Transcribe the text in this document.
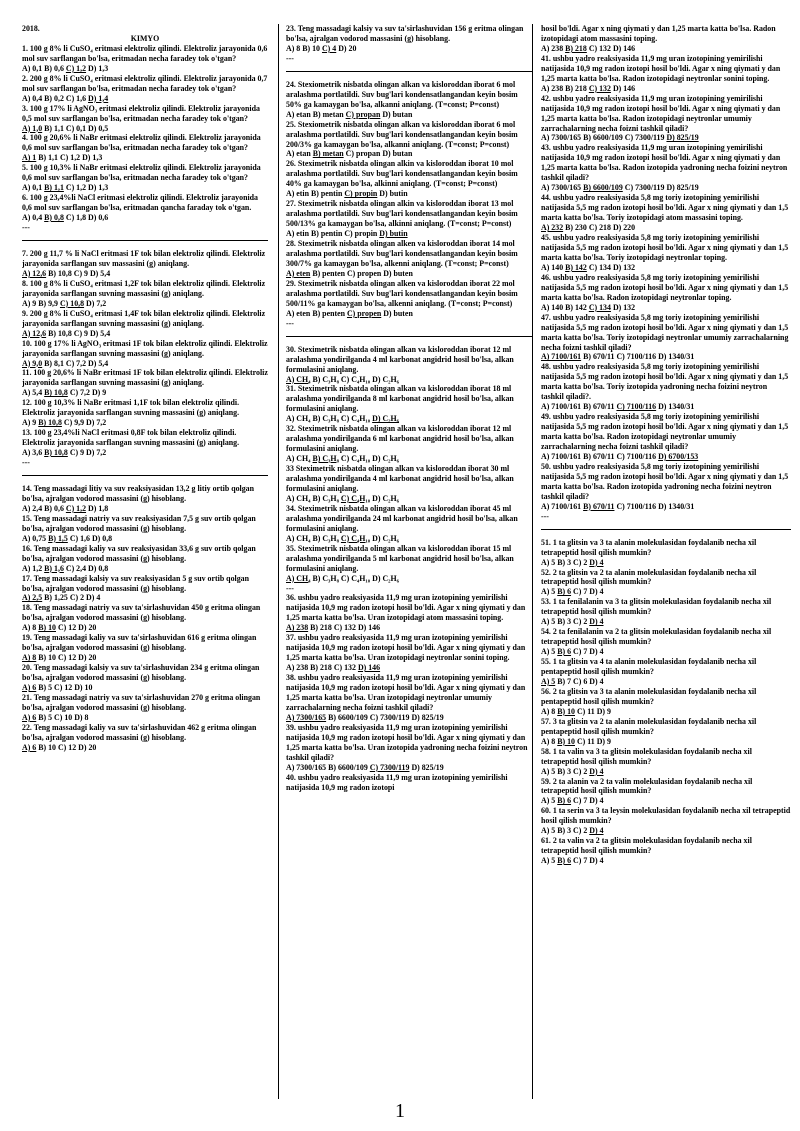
2018.
KIMYO
1. 100 g 8% li CuSO₄ eritmasi elektroliz qilindi. Elektroliz jarayonida 0,6 mol suv sarflangan bo'lsa, eritmadan necha faradey tok o'tgan?
A) 0,1 B) 0,6 C) 1,2 D) 1,3
2. 200 g 8% li CuSO₄ eritmasi elektroliz qilindi. Elektroliz jarayonida 0,7 mol suv sarflangan bo'lsa, eritmadan necha faradey tok o'tgan?
A) 0,4 B) 0,2 C) 1,6 D) 1,4
3. 100 g 17% li AgNO₃ eritmasi elektroliz qilindi. Elektroliz jarayonida 0,5 mol suv sarflangan bo'lsa, eritmadan necha faradey tok o'tgan?
A) 1,0 B) 1,1 C) 0,1 D) 0,5
4. 100 g 20,6% li NaBr eritmasi elektroliz qilindi. Elektroliz jarayonida 0,6 mol suv sarflangan bo'lsa, eritmadan necha faradey tok o'tgan?
A) 1 B) 1,1 C) 1,2 D) 1,3
5. 100 g 10,3% li NaBr eritmasi elektroliz qilindi. Elektroliz jarayonida 0,6 mol suv sarflangan bo'lsa, eritmadan necha faradey tok o'tgan?
A) 0,1 B) 1,1 C) 1,2 D) 1,3
6. 100 g 23,4%li NaCl eritmasi elektroliz qilindi. Elektroliz jarayonida 0,6 mol suv sarflangan bo'lsa, eritmadan qancha faraday tok o'tgan.
A) 0,4 B) 0,8 C) 1,8 D) 0,6
---
7. 200 g 11,7 % li NaCl eritmasi 1F tok bilan elektroliz qilindi. Elektroliz jarayonida sarflangan suv massasini (g) aniqlang.
A) 12,6 B) 10,8 C) 9 D) 5,4
8. 100 g 8% li CuSO₄ eritmasi 1,2F tok bilan elektroliz qilindi. Elektroliz jarayonida sarflangan suvning massasini (g) aniqlang.
A) 9 B) 9,9 C) 10,8 D) 7,2
9. 200 g 8% li CuSO₄ eritmasi 1,4F tok bilan elektroliz qilindi. Elektroliz jarayonida sarflangan suvning massasini (g) aniqlang.
A) 12,6 B) 10,8 C) 9 D) 5,4
10. 100 g 17% li AgNO₃ eritmasi 1F tok bilan elektroliz qilindi. Elektroliz jarayonida sarflangan suvning massasini (g) aniqlang.
A) 9,0 B) 8,1 C) 7,2 D) 5,4
11. 100 g 20,6% li NaBr eritmasi 1F tok bilan elektroliz qilindi. Elektroliz jarayonida sarflangan suvning massasini (g) aniqlang.
A) 5,4 B) 10,8 C) 7,2 D) 9
12. 100 g 10,3% li NaBr eritmasi 1,1F tok bilan elektroliz qilindi. Elektroliz jarayonida sarflangan suvning massasini (g) aniqlang.
A) 9 B) 10,8 C) 9,9 D) 7,2
13. 100 g 23,4%li NaCl eritmasi 0,8F tok bilan elektroliz qilindi. Elektroliz jarayonida sarflangan suvning massasini (g) aniqlang.
A) 3,6 B) 10,8 C) 9 D) 7,2
---
14. Teng massadagi litiy va suv reaksiyasidan 13,2 g litiy ortib qolgan bo'lsa, ajralgan vodorod massasini (g) hisoblang.
A) 2,4 B) 0,6 C) 1,2 D) 1,8
15. Teng massadagi natriy va suv reaksiyasidan 7,5 g suv ortib qolgan bo'lsa, ajralgan vodorod massasini (g) hisoblang.
A) 0,75 B) 1,5 C) 1,6 D) 0,8
16. Teng massadagi kaliy va suv reaksiyasidan 33,6 g suv ortib qolgan bo'lsa, ajralgan vodorod massasini (g) hisoblang.
A) 1,2 B) 1,6 C) 2,4 D) 0,8
17. Teng massadagi kalsiy va suv reaksiyasidan 5 g suv ortib qolgan bo'lsa, ajralgan vodorod massasini (g) hisoblang.
A) 2,5 B) 1,25 C) 2 D) 4
18. Teng massadagi natriy va suv ta'sirlashuvidan 450 g eritma olingan bo'lsa, ajralgan vodorod massasini (g) hisoblang.
A) 8 B) 10 C) 12 D) 20
19. Teng massadagi kaliy va suv ta'sirlashuvidan 616 g eritma olingan bo'lsa, ajralgan vodorod massasini (g) hisoblang.
A) 8 B) 10 C) 12 D) 20
20. Teng massadagi kalsiy va suv ta'sirlashuvidan 234 g eritma olingan bo'lsa, ajralgan vodorod massasini (g) hisoblang.
A) 6 B) 5 C) 12 D) 10
21. Teng massadagi natriy va suv ta'sirlashuvidan 270 g eritma olingan bo'lsa, ajralgan vodorod massasini (g) hisoblang.
A) 6 B) 5 C) 10 D) 8
22. Teng massadagi kaliy va suv ta'sirlashuvidan 462 g eritma olingan bo'lsa, ajralgan vodorod massasini (g) hisoblang.
A) 6 B) 10 C) 12 D) 20
23. Teng massadagi kalsiy va suv ta'sirlashuvidan 156 g eritma olingan bo'lsa, ajralgan vodorod massasini (g) hisoblang.
A) 8 B) 10 C) 4 D) 20
---
24. Stexiometrik nisbatda olingan alkan va kisloroddan iborat 6 mol aralashma portlatildi. Suv bug'lari kondensatlangandan keyin bosim 50% ga kamaygan bo'lsa, alkanni aniqlang. (T=const; P=const)
A) etan B) metan C) propan D) butan
25. Stexiometrik nisbatda olingan alkan va kisloroddan iborat 6 mol aralashma portlatildi. Suv bug'lari kondensatlangandan keyin bosim 200/3% ga kamaygan bo'lsa, alkanni aniqlang. (T=const; P=const)
A) etan B) metan C) propan D) butan
26. Steximetrik nisbatda olingan alkin va kisloroddan iborat 10 mol aralashma portlatildi. Suv bug'lari kondensatlangandan keyin bosim 40% ga kamaygan bo'lsa, alkinni aniqlang. (T=const; P=const)
A) etin B) pentin C) propin D) butin
27. Steximetrik nisbatda olingan alkin va kisloroddan iborat 13 mol aralashma portlatildi. Suv bug'lari kondensatlangandan keyin bosim 500/13% ga kamaygan bo'lsa, alkinni aniqlang. (T=const; P=const)
A) etin B) pentin C) propin D) butin
28. Steximetrik nisbatda olingan alken va kisloroddan iborat 14 mol aralashma portlatildi. Suv bug'lari kondensatlangandan keyin bosim 300/7% ga kamaygan bo'lsa, alkenni aniqlang. (T=const; P=const)
A) eten B) penten C) propen D) buten
29. Steximetrik nisbatda olingan alken va kisloroddan iborat 22 mol aralashma portlatildi. Suv bug'lari kondensatlangandan keyin bosim 500/11% ga kamaygan bo'lsa, alkenni aniqlang. (T=const; P=const)
A) eten B) penten C) propen D) buten
---
30. Steximetrik nisbatda olingan alkan va kisloroddan iborat 12 ml aralashma yondirilganda 4 ml karbonat angidrid hosil bo'lsa, alkan formulasini aniqlang.
A) CH₄ B) C₃H₈ C) C₄H₁₀ D) C₂H₆
31. Steximetrik nisbatda olingan alkan va kisloroddan iborat 18 ml aralashma yondirilganda 8 ml karbonat angidrid hosil bo'lsa, alkan formulasini aniqlang.
A) CH₄ B) C₃H₈ C) C₄H₁₀ D) C₂H₆
32. Steximetrik nisbatda olingan alkan va kisloroddan iborat 12 ml aralashma yondirilganda 6 ml karbonat angidrid hosil bo'lsa, alkan formulasini aniqlang.
A) CH₄ B) C₃H₈ C) C₄H₁₀ D) C₂H₆
33 Steximetrik nisbatda olingan alkan va kisloroddan iborat 30 ml aralashma yondirilganda 4 ml karbonat angidrid hosil bo'lsa, alkan formulasini aniqlang.
A) CH₄ B) C₃H₈ C) C₄H₁₀ D) C₂H₆
34. Steximetrik nisbatda olingan alkan va kisloroddan iborat 45 ml aralashma yondirilganda 24 ml karbonat angidrid hosil bo'lsa, alkan formulasini aniqlang.
A) CH₄ B) C₃H₈ C) C₄H₁₀ D) C₂H₆
35. Steximetrik nisbatda olingan alkan va kisloroddan iborat 15 ml aralashma yondirilganda 5 ml karbonat angidrid hosil bo'lsa, alkan formulasini aniqlang.
A) CH₄ B) C₃H₈ C) C₄H₁₀ D) C₂H₆
---
36. ushbu yadro reaksiyasida 11,9 mg uran izotopining yemirilishi natijasida 10,9 mg radon izotopi hosil bo'ldi. Agar x ning qiymati y dan 1,25 marta katta bo'lsa. Uran izotopidagi atom massasini toping.
A) 238 B) 218 C) 132 D) 146
37. ushbu yadro reaksiyasida 11,9 mg uran izotopining yemirilishi natijasida 10,9 mg radon izotopi hosil bo'ldi. Agar x ning qiymati y dan 1,25 marta katta bo'lsa. Uran izotopidagi neytronlar sonini toping.
A) 238 B) 218 C) 132 D) 146
38. ushbu yadro reaksiyasida 11,9 mg uran izotopining yemirilishi natijasida 10,9 mg radon izotopi hosil bo'ldi. Agar x ning qiymati y dan 1,25 marta katta bo'lsa. Uran izotopidagi neytronlar umumiy zarrachalarning necha foizni tashkil qiladi?
A) 7300/165 B) 6600/109 C) 7300/119 D) 825/19
39. ushbu yadro reaksiyasida 11,9 mg uran izotopining yemirilishi natijasida 10,9 mg radon izotopi hosil bo'ldi. Agar x ning qiymati y dan 1,25 marta katta bo'lsa. Uran izotopida yadroning necha foizini neytron tashkil qiladi?
A) 7300/165 B) 6600/109 C) 7300/119 D) 825/19
40. ushbu yadro reaksiyasida 11,9 mg uran izotopining yemirilishi natijasida 10,9 mg radon izotopi
hosil bo'ldi. Agar x ning qiymati y dan 1,25 marta katta bo'lsa. Radon izotopidagi atom massasini toping.
A) 238 B) 218 C) 132 D) 146
41. ushbu yadro reaksiyasida 11,9 mg uran izotopining yemirilishi natijasida 10,9 mg radon izotopi hosil bo'ldi. Agar x ning qiymati y dan 1,25 marta katta bo'lsa. Radon izotopidagi neytronlar sonini toping.
A) 238 B) 218 C) 132 D) 146
42. ushbu yadro reaksiyasida 11,9 mg uran izotopining yemirilishi natijasida 10,9 mg radon izotopi hosil bo'ldi. Agar x ning qiymati y dan 1,25 marta katta bo'lsa. Radon izotopidagi neytronlar umumiy zarrachalarning necha foizni tashkil qiladi?
A) 7300/165 B) 6600/109 C) 7300/119 D) 825/19
43. ushbu yadro reaksiyasida 11,9 mg uran izotopining yemirilishi natijasida 10,9 mg radon izotopi hosil bo'ldi. Agar x ning qiymati y dan 1,25 marta katta bo'lsa. Radon izotopida yadroning necha foizini neytron tashkil qiladi?
A) 7300/165 B) 6600/109 C) 7300/119 D) 825/19
44. ushbu yadro reaksiyasida 5,8 mg toriy izotopining yemirilishi natijasida 5,5 mg radon izotopi hosil bo'ldi. Agar x ning qiymati y dan 1,5 marta katta bo'lsa. Toriy izotopidagi atom massasini toping.
A) 232 B) 230 C) 218 D) 220
45. ushbu yadro reaksiyasida 5,8 mg toriy izotopining yemirilishi natijasida 5,5 mg radon izotopi hosil bo'ldi. Agar x ning qiymati y dan 1,5 marta katta bo'lsa. Toriy izotopidagi neytronlar toping.
A) 140 B) 142 C) 134 D) 132
46. ushbu yadro reaksiyasida 5,8 mg toriy izotopining yemirilishi natijasida 5,5 mg radon izotopi hosil bo'ldi. Agar x ning qiymati y dan 1,5 marta katta bo'lsa. Radon izotopidagi neytronlar toping.
A) 140 B) 142 C) 134 D) 132
47. ushbu yadro reaksiyasida 5,8 mg toriy izotopining yemirilishi natijasida 5,5 mg radon izotopi hosil bo'ldi. Agar x ning qiymati y dan 1,5 marta katta bo'lsa. Toriy izotopidagi neytronlar umumiy zarrachalarning necha foizni tashkil qiladi?
A) 7100/161 B) 670/11 C) 7100/116 D) 1340/31
48. ushbu yadro reaksiyasida 5,8 mg toriy izotopining yemirilishi natijasida 5,5 mg radon izotopi hosil bo'ldi. Agar x ning qiymati y dan 1,5 marta katta bo'lsa. Toriy izotopida yadroning necha foizini neytron tashkil qiladi?.
A) 7100/161 B) 670/11 C) 7100/116 D) 1340/31
49. ushbu yadro reaksiyasida 5,8 mg toriy izotopining yemirilishi natijasida 5,5 mg radon izotopi hosil bo'ldi. Agar x ning qiymati y dan 1,5 marta katta bo'lsa. Radon izotopidagi neytronlar umumiy zarrachalarning necha foizni tashkil qiladi?
A) 7100/161 B) 670/11 C) 7100/116 D) 6700/153
50. ushbu yadro reaksiyasida 5,8 mg toriy izotopining yemirilishi natijasida 5,5 mg radon izotopi hosil bo'ldi. Agar x ning qiymati y dan 1,5 marta katta bo'lsa. Radon izotopida yadroning necha foizini neytron tashkil qiladi?
A) 7100/161 B) 670/11 C) 7100/116 D) 1340/31
---
51. 1 ta glitsin va 3 ta alanin molekulasidan foydalanib necha xil tetrapeptid hosil qilish mumkin?
A) 5 B) 3 C) 2 D) 4
52. 2 ta glitsin va 2 ta alanin molekulasidan foydalanib necha xil tetrapeptid hosil qilish mumkin?
A) 5 B) 6 C) 7 D) 4
53. 1 ta fenilalanin va 3 ta glitsin molekulasidan foydalanib necha xil tetrapeptid hosil qilish mumkin?
A) 5 B) 3 C) 2 D) 4
54. 2 ta fenilalanin va 2 ta glitsin molekulasidan foydalanib necha xil tetrapeptid hosil qilish mumkin?
A) 5 B) 6 C) 7 D) 4
55. 1 ta glitsin va 4 ta alanin molekulasidan foydalanib necha xil pentapeptid hosil qilish mumkin?
A) 5 B) 7 C) 6 D) 4
56. 2 ta glitsin va 3 ta alanin molekulasidan foydalanib necha xil pentapeptid hosil qilish mumkin?
A) 8 B) 10 C) 11 D) 9
57. 3 ta glitsin va 2 ta alanin molekulasidan foydalanib necha xil pentapeptid hosil qilish mumkin?
A) 8 B) 10 C) 11 D) 9
58. 1 ta valin va 3 ta glitsin molekulasidan foydalanib necha xil tetrapeptid hosil qilish mumkin?
A) 5 B) 3 C) 2 D) 4
59. 2 ta alanin va 2 ta valin molekulasidan foydalanib necha xil tetrapeptid hosil qilish mumkin?
A) 5 B) 6 C) 7 D) 4
60. 1 ta serin va 3 ta leysin molekulasidan foydalanib necha xil tetrapeptid hosil qilish mumkin?
A) 5 B) 3 C) 2 D) 4
61. 2 ta valin va 2 ta glitsin molekulasidan foydalanib necha xil tetrapeptid hosil qilish mumkin?
A) 5 B) 6 C) 7 D) 4
1
